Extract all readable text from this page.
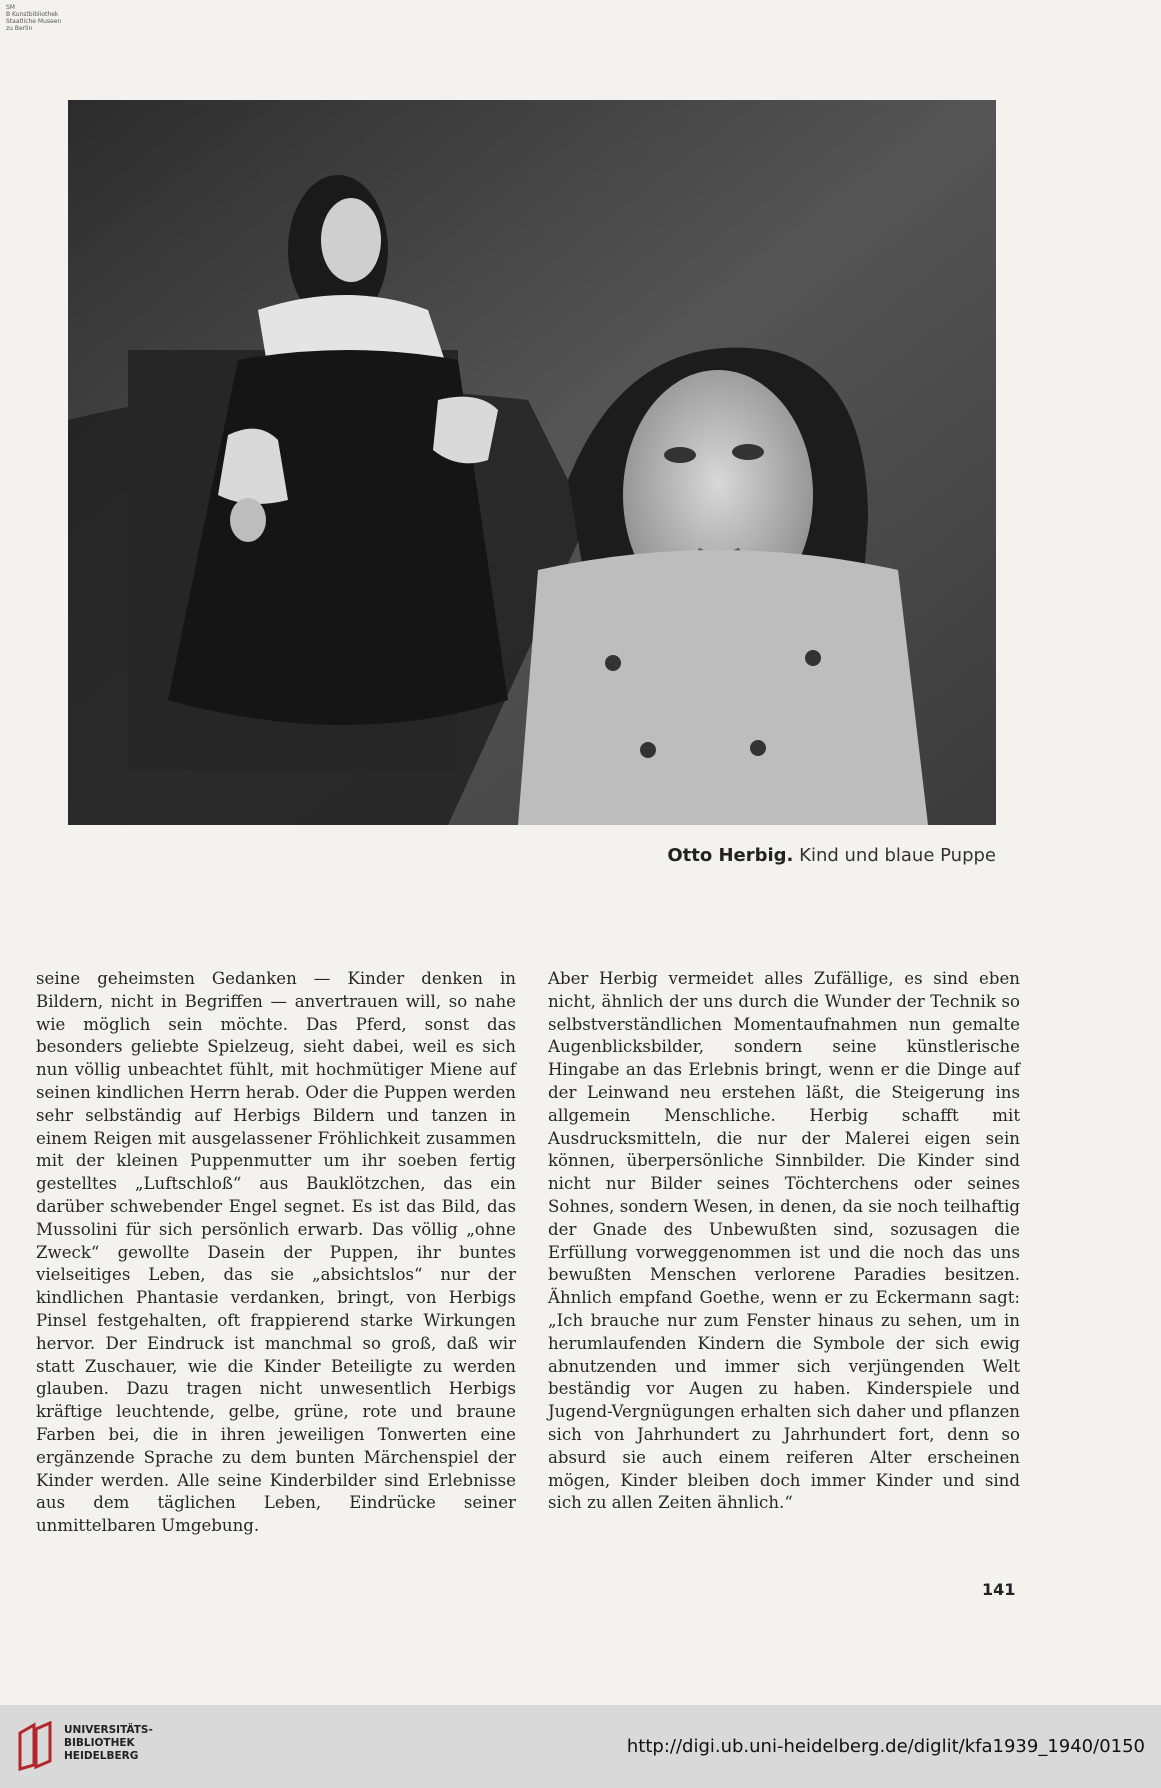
SM
B Kunstbibliothek
Staatliche Museen
zu Berlin
Otto Herbig. Kind und blaue Puppe

seine geheimsten Gedanken — Kinder denken in Bildern, nicht in Begriffen — anvertrauen will, so nahe wie möglich sein möchte. Das Pferd, sonst das besonders geliebte Spielzeug, sieht dabei, weil es sich nun völlig unbeachtet fühlt, mit hochmütiger Miene auf seinen kindlichen Herrn herab. Oder die Puppen werden sehr selbständig auf Herbigs Bildern und tanzen in einem Reigen mit ausgelassener Fröhlichkeit zusammen mit der kleinen Puppenmutter um ihr soeben fertig gestelltes „Luftschloß“ aus Bauklötzchen, das ein darüber schwebender Engel segnet. Es ist das Bild, das Mussolini für sich persönlich erwarb. Das völlig „ohne Zweck“ gewollte Dasein der Puppen, ihr buntes vielseitiges Leben, das sie „absichtslos“ nur der kindlichen Phantasie verdanken, bringt, von Herbigs Pinsel festgehalten, oft frappierend starke Wirkungen hervor. Der Eindruck ist manchmal so groß, daß wir statt Zuschauer, wie die Kinder Beteiligte zu werden glauben. Dazu tragen nicht unwesentlich Herbigs kräftige leuchtende, gelbe, grüne, rote und braune Farben bei, die in ihren jeweiligen Tonwerten eine ergänzende Sprache zu dem bunten Märchenspiel der Kinder werden. Alle seine Kinderbilder sind Erlebnisse aus dem täglichen Leben, Eindrücke seiner unmittelbaren Umgebung.

Aber Herbig vermeidet alles Zufällige, es sind eben nicht, ähnlich der uns durch die Wunder der Technik so selbstverständlichen Momentaufnahmen nun gemalte Augenblicksbilder, sondern seine künstlerische Hingabe an das Erlebnis bringt, wenn er die Dinge auf der Leinwand neu erstehen läßt, die Steigerung ins allgemein Menschliche. Herbig schafft mit Ausdrucksmitteln, die nur der Malerei eigen sein können, überpersönliche Sinnbilder. Die Kinder sind nicht nur Bilder seines Töchterchens oder seines Sohnes, sondern Wesen, in denen, da sie noch teilhaftig der Gnade des Unbewußten sind, sozusagen die Erfüllung vorweggenommen ist und die noch das uns bewußten Menschen verlorene Paradies besitzen. Ähnlich empfand Goethe, wenn er zu Eckermann sagt: „Ich brauche nur zum Fenster hinaus zu sehen, um in herumlaufenden Kindern die Symbole der sich ewig abnutzenden und immer sich verjüngenden Welt beständig vor Augen zu haben. Kinderspiele und Jugend-Vergnügungen erhalten sich daher und pflanzen sich von Jahrhundert zu Jahrhundert fort, denn so absurd sie auch einem reiferen Alter erscheinen mögen, Kinder bleiben doch immer Kinder und sind sich zu allen Zeiten ähnlich.“

141
UNIVERSITÄTS-
BIBLIOTHEK
HEIDELBERG	http://digi.ub.uni-heidelberg.de/diglit/kfa1939_1940/0150
